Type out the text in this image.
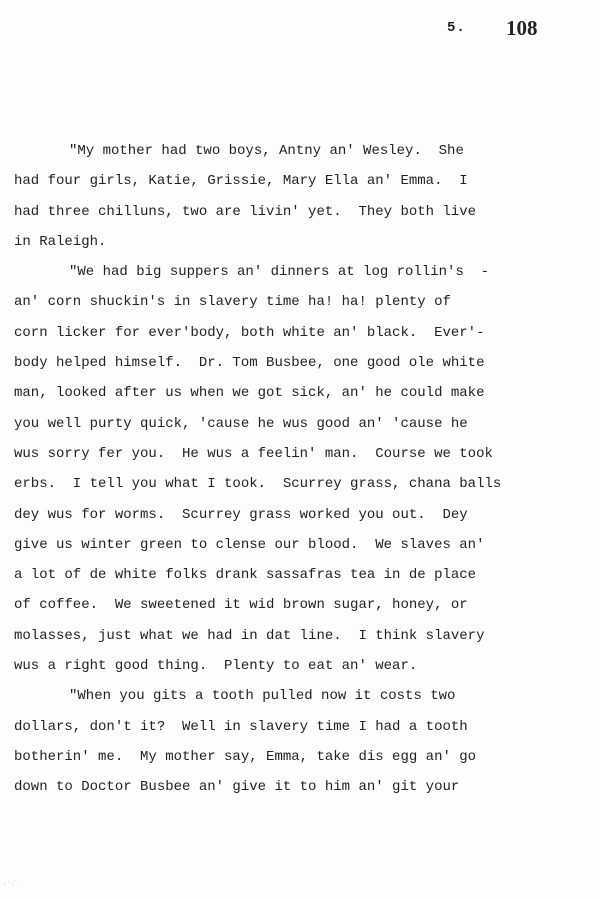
5. 108
"My mother had two boys, Antny an' Wesley.  She
had four girls, Katie, Grissie, Mary Ella an' Emma.  I
had three chilluns, two are livin' yet.  They both live
in Raleigh.
"We had big suppers an' dinners at log rollin's  -
an' corn shuckin's in slavery time ha! ha! plenty of
corn licker for ever'body, both white an' black.  Ever'-
body helped himself.  Dr. Tom Busbee, one good ole white
man, looked after us when we got sick, an' he could make
you well purty quick, 'cause he wus good an' 'cause he
wus sorry fer you.  He wus a feelin' man.  Course we took
erbs.  I tell you what I took.  Scurrey grass, chana balls
dey wus for worms.  Scurrey grass worked you out.  Dey
give us winter green to clense our blood.  We slaves an'
a lot of de white folks drank sassafras tea in de place
of coffee.  We sweetened it wid brown sugar, honey, or
molasses, just what we had in dat line.  I think slavery
wus a right good thing.  Plenty to eat an' wear.
"When you gits a tooth pulled now it costs two
dollars, don't it?  Well in slavery time I had a tooth
botherin' me.  My mother say, Emma, take dis egg an' go
down to Doctor Busbee an' give it to him an' git your
